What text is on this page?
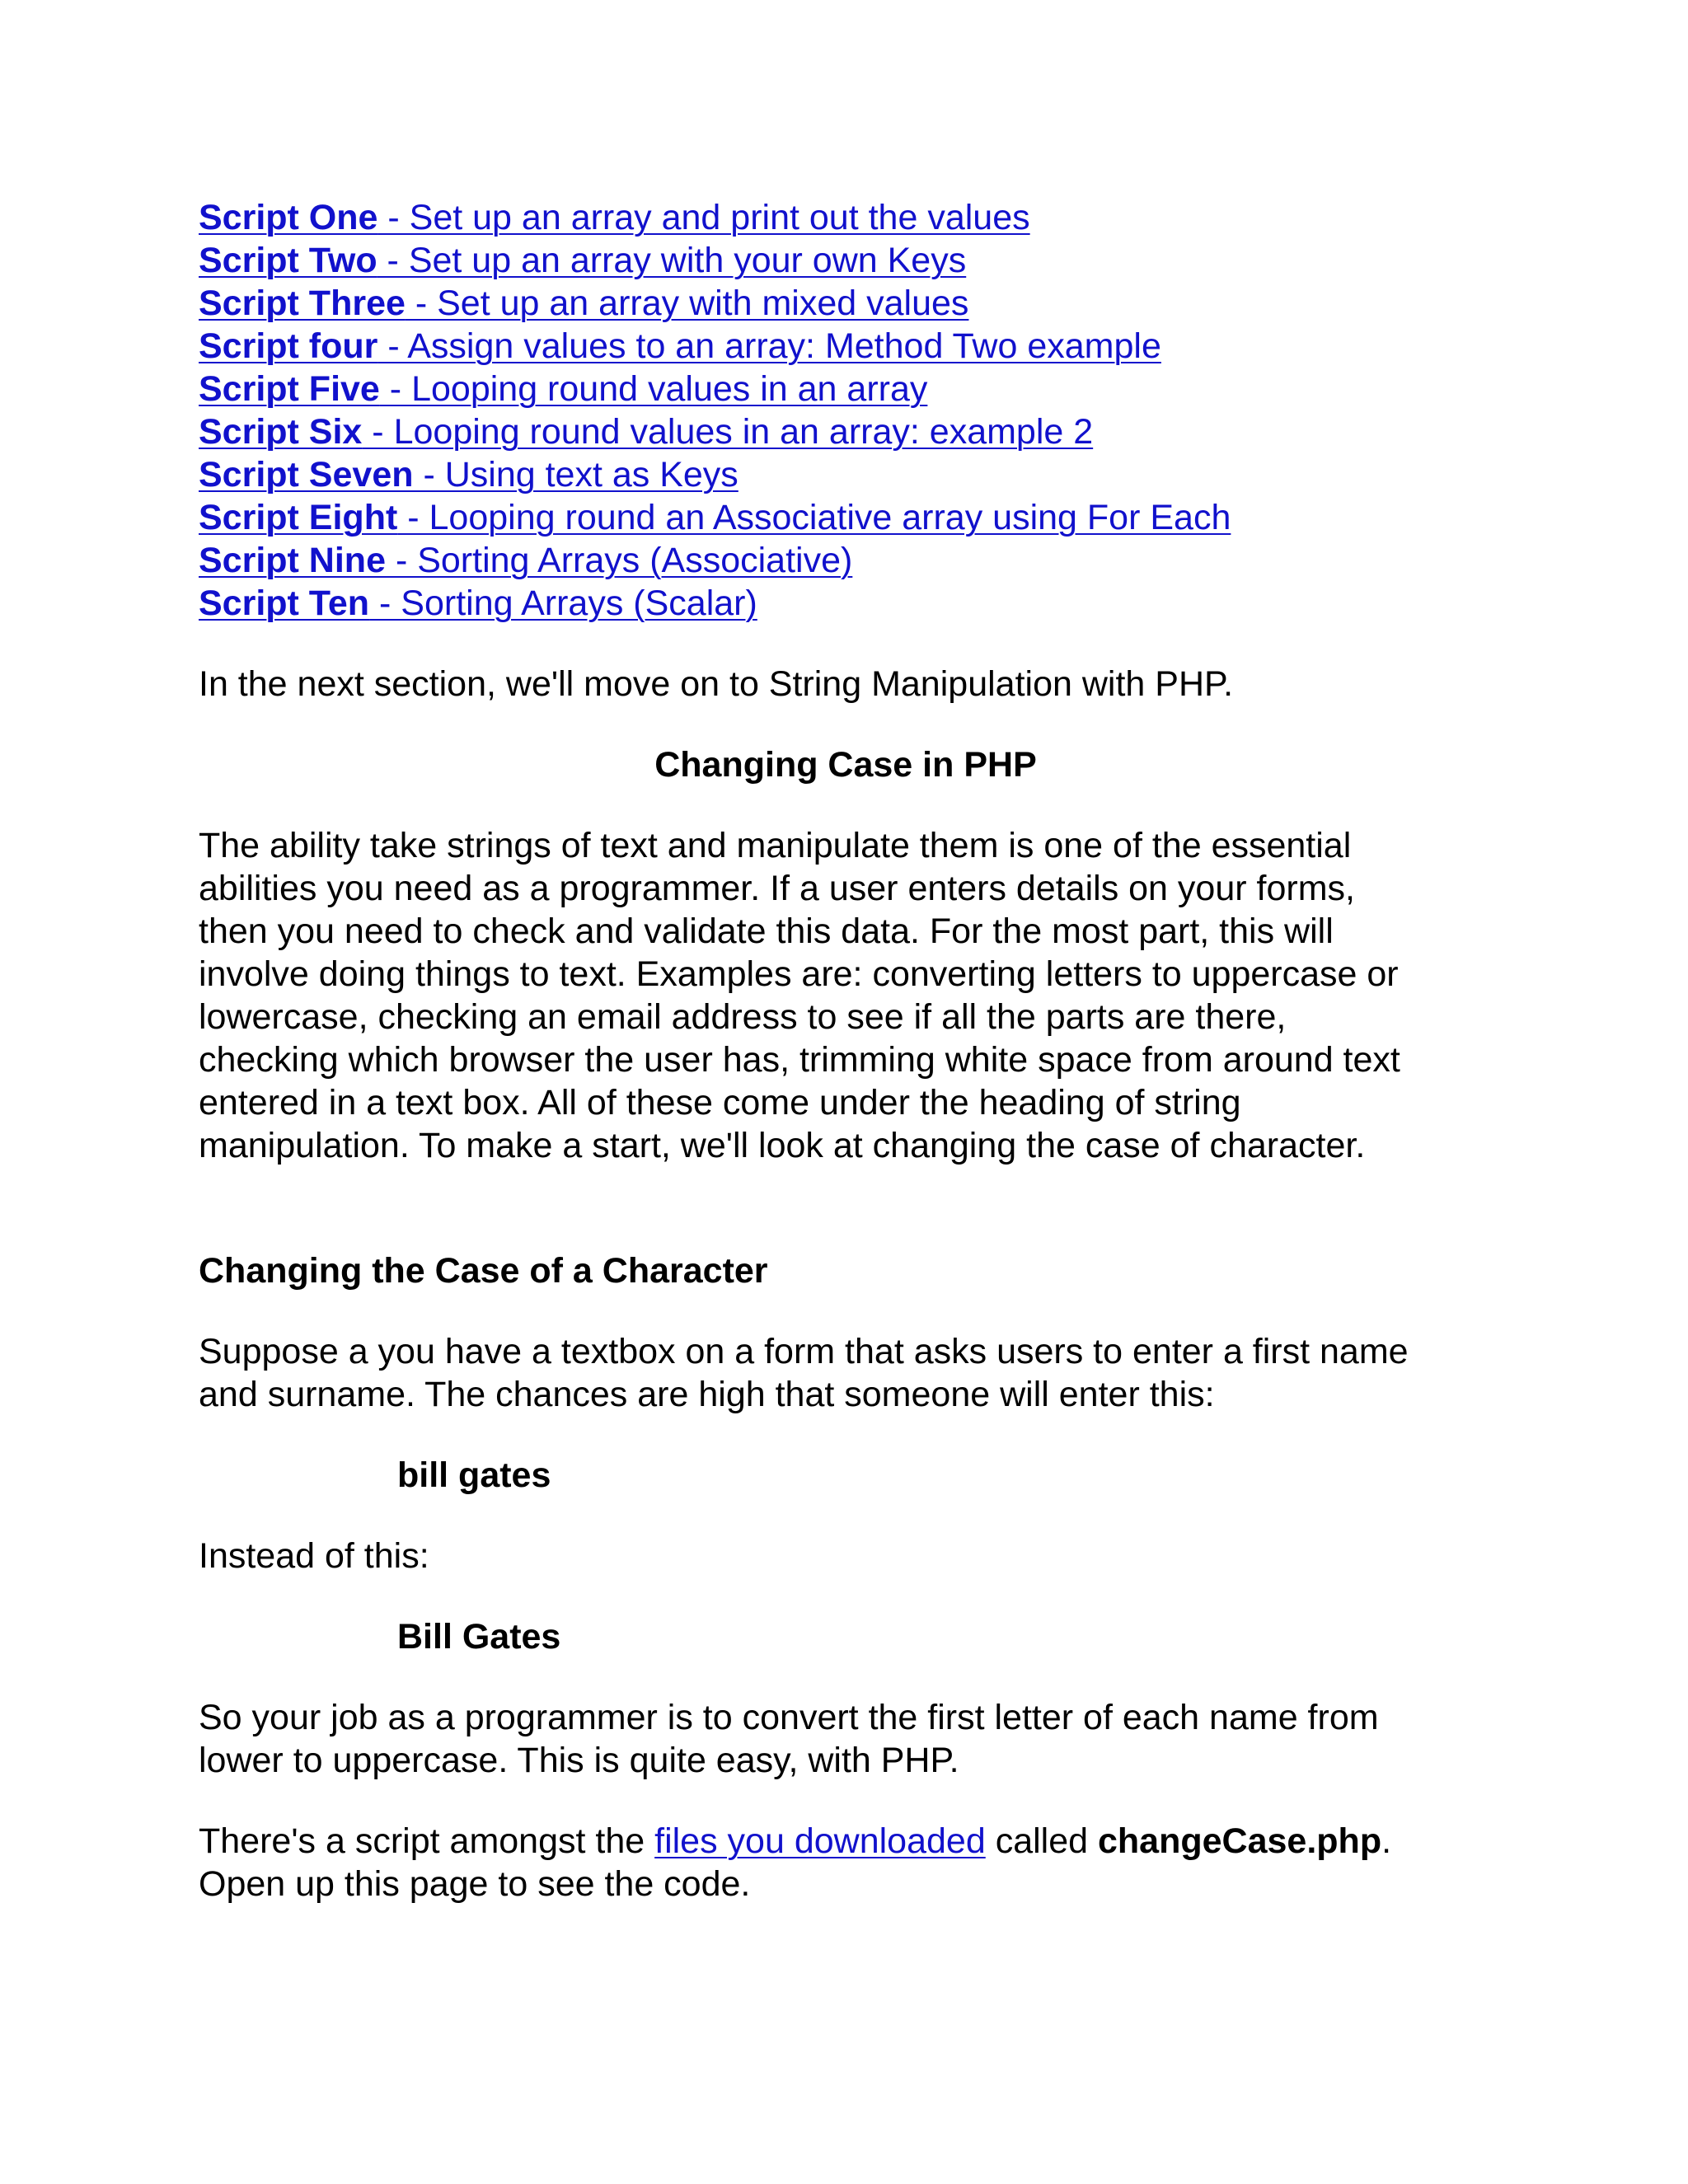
Script One - Set up an array and print out the values
Script Two - Set up an array with your own Keys
Script Three - Set up an array with mixed values
Script four - Assign values to an array: Method Two example
Script Five - Looping round values in an array
Script Six - Looping round values in an array: example 2
Script Seven - Using text as Keys
Script Eight - Looping round an Associative array using For Each
Script Nine - Sorting Arrays (Associative)
Script Ten - Sorting Arrays (Scalar)

In the next section, we'll move on to String Manipulation with PHP.

Changing Case in PHP

The ability take strings of text and manipulate them is one of the essential

abilities you need as a programmer. If a user enters details on your forms,

then you need to check and validate this data. For the most part, this will

involve doing things to text. Examples are: converting letters to uppercase or

lowercase, checking an email address to see if all the parts are there,

checking which browser the user has, trimming white space from around text

entered in a text box. All of these come under the heading of string

manipulation. To make a start, we'll look at changing the case of character.

Changing the Case of a Character

Suppose a you have a textbox on a form that asks users to enter a first name

and surname. The chances are high that someone will enter this:

bill gates

Instead of this:

Bill Gates

So your job as a programmer is to convert the first letter of each name from

lower to uppercase. This is quite easy, with PHP.

There's a script amongst the files you downloaded called changeCase.php.

Open up this page to see the code.
